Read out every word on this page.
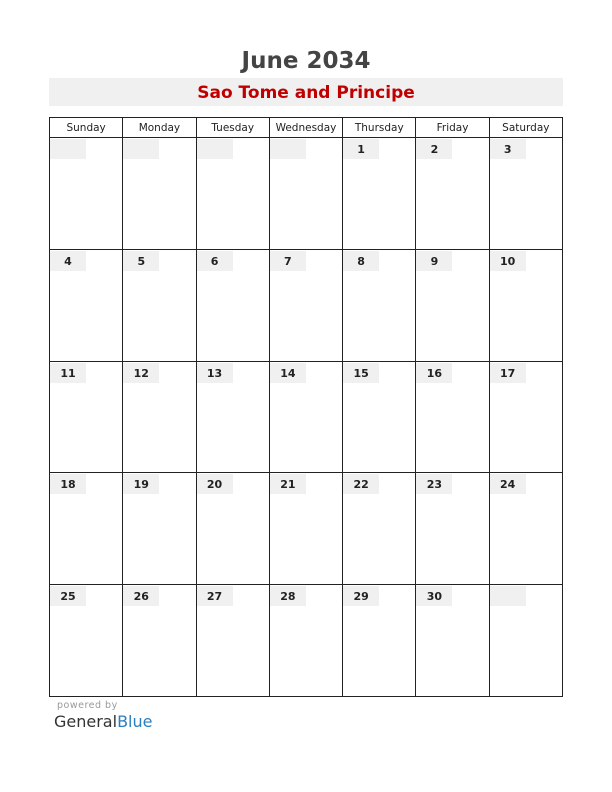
June 2034
Sao Tome and Principe
Sunday	Monday	Tuesday	Wednesday	Thursday	Friday	Saturday

				1	2	3

4	5	6	7	8	9	10

11	12	13	14	15	16	17

18	19	20	21	22	23	24

25	26	27	28	29	30	

powered by
GeneralBlue
